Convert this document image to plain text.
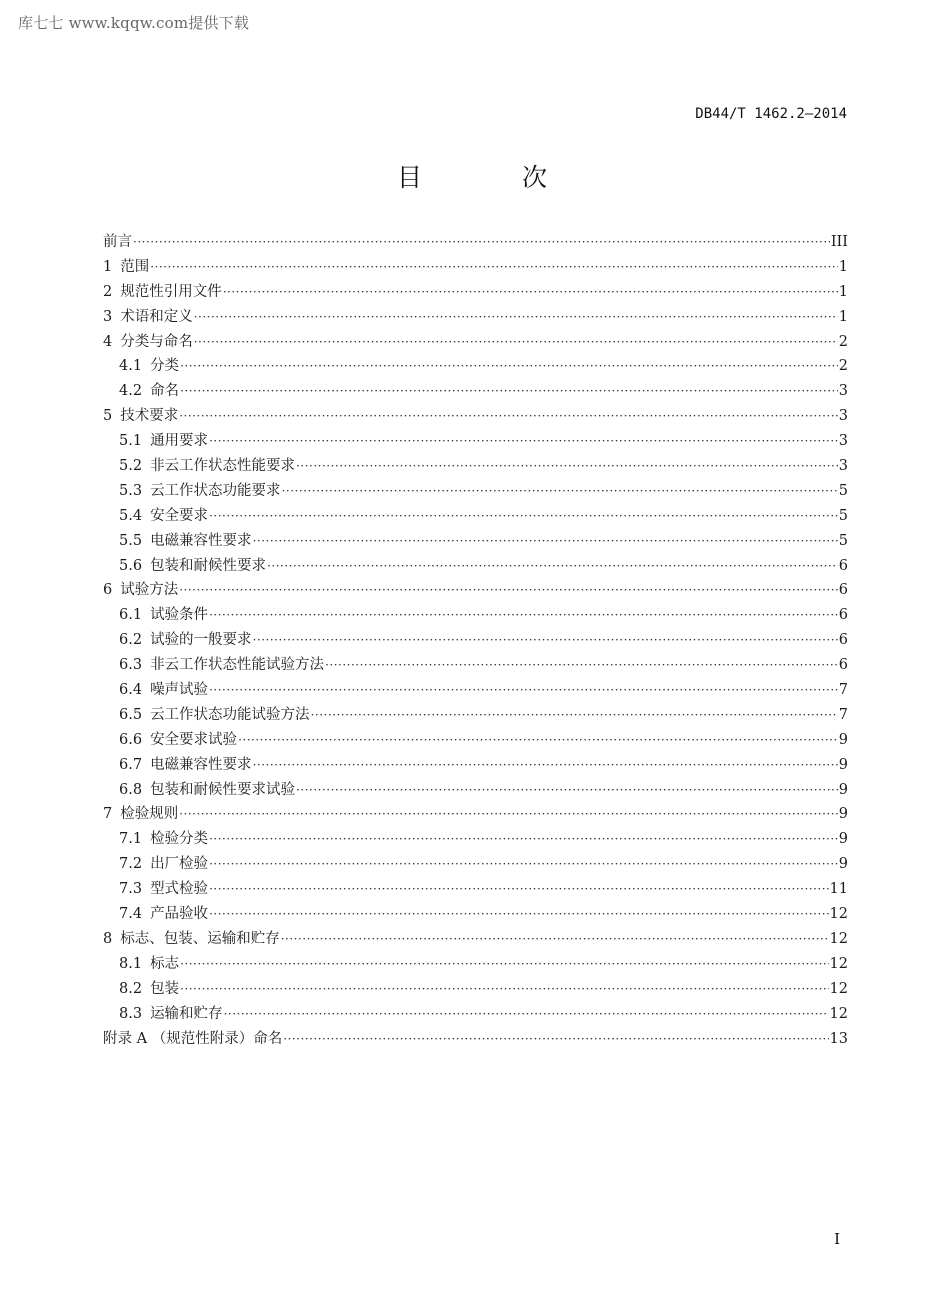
库七七 www.kqqw.com提供下载
DB44/T 1462.2—2014
目 次
前言 ·····	III
1 范围 ·····	1
2 规范性引用文件 ·····	1
3 术语和定义 ·····	1
4 分类与命名 ·····	2
4.1 分类 ·····	2
4.2 命名 ·····	3
5 技术要求 ·····	3
5.1 通用要求 ·····	3
5.2 非云工作状态性能要求 ·····	3
5.3 云工作状态功能要求 ·····	5
5.4 安全要求 ·····	5
5.5 电磁兼容性要求 ·····	5
5.6 包装和耐候性要求 ·····	6
6 试验方法 ·····	6
6.1 试验条件 ·····	6
6.2 试验的一般要求 ·····	6
6.3 非云工作状态性能试验方法 ·····	6
6.4 噪声试验 ·····	7
6.5 云工作状态功能试验方法 ·····	7
6.6 安全要求试验 ·····	9
6.7 电磁兼容性要求 ·····	9
6.8 包装和耐候性要求试验 ·····	9
7 检验规则 ·····	9
7.1 检验分类 ·····	9
7.2 出厂检验 ·····	9
7.3 型式检验 ·····	11
7.4 产品验收 ·····	12
8 标志、包装、运输和贮存 ·····	12
8.1 标志 ·····	12
8.2 包装 ·····	12
8.3 运输和贮存 ·····	12
附录 A （规范性附录）命名 ·····	13
I
